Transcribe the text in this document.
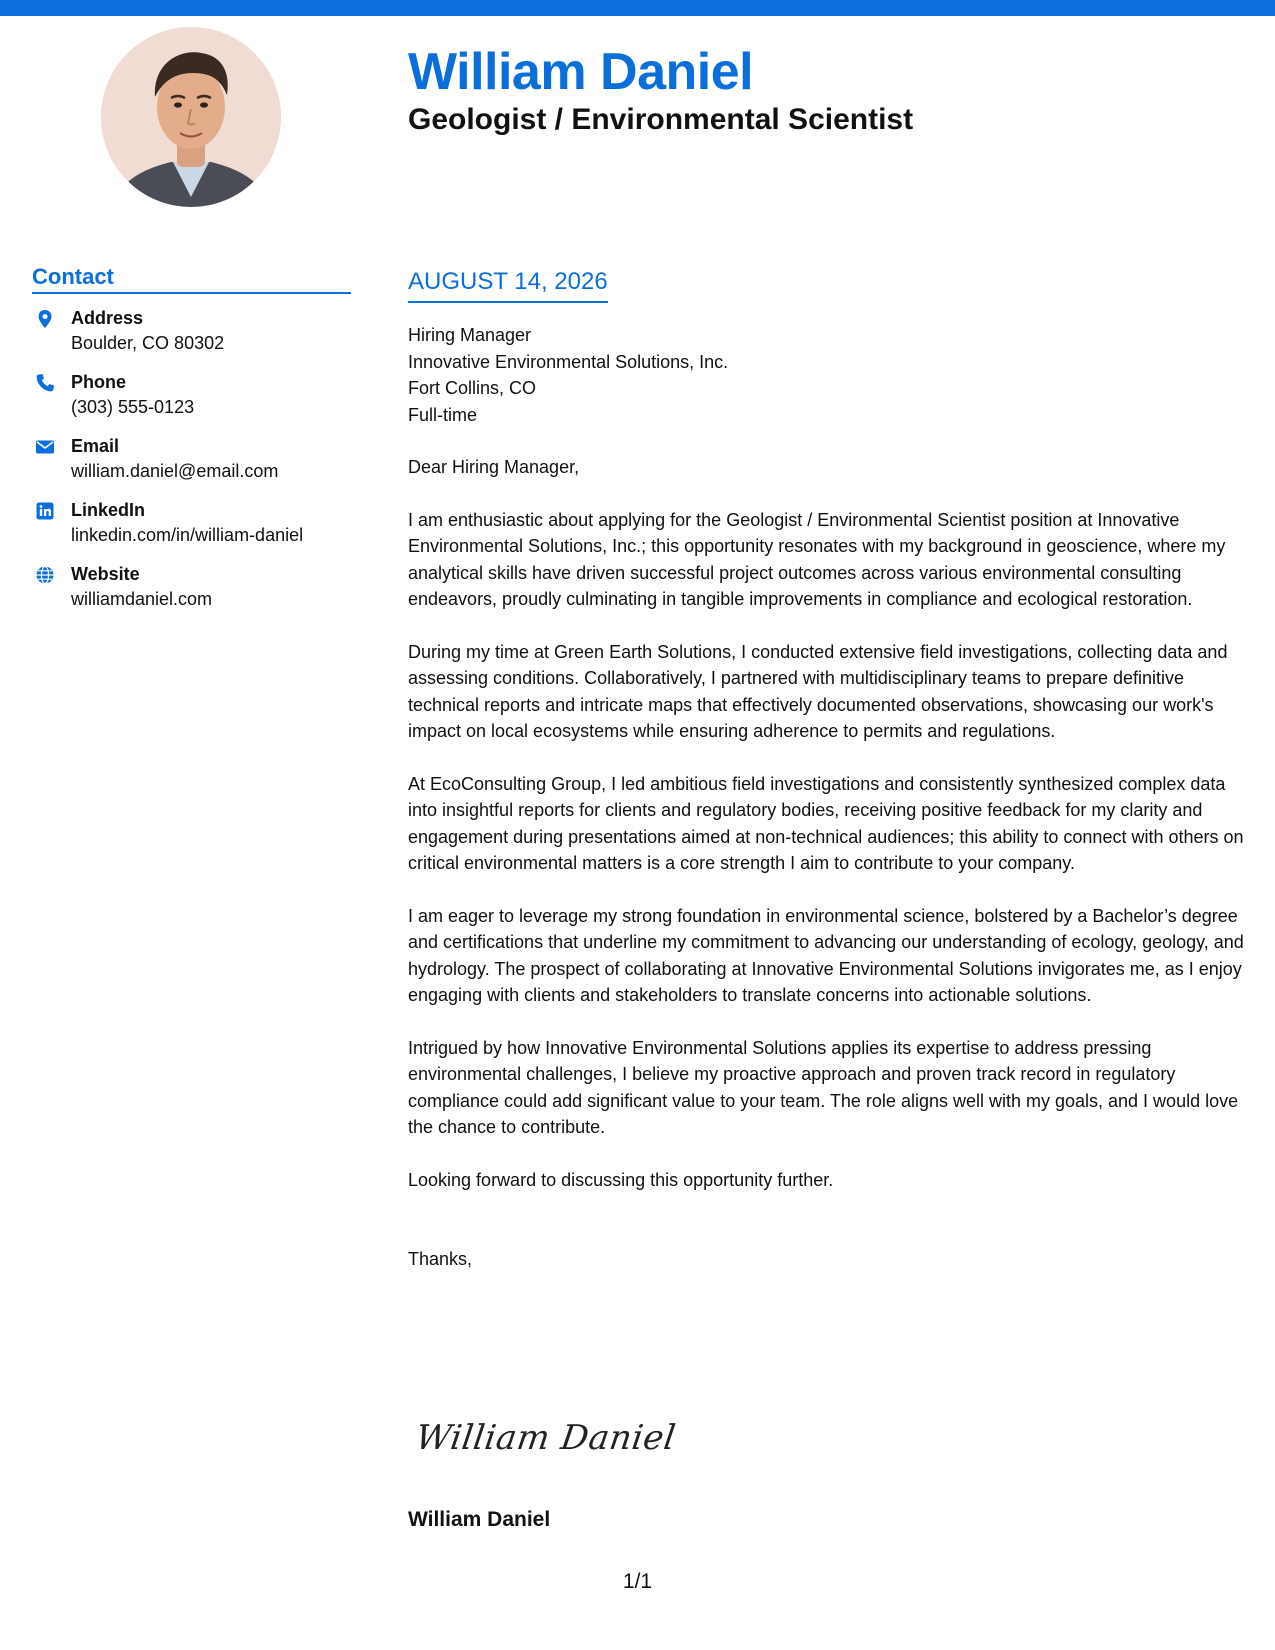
William Daniel
Geologist / Environmental Scientist
Contact
Address
Boulder, CO 80302
Phone
(303) 555-0123
Email
william.daniel@email.com
LinkedIn
linkedin.com/in/william-daniel
Website
williamdaniel.com
AUGUST 14, 2026
Hiring Manager
Innovative Environmental Solutions, Inc.
Fort Collins, CO
Full-time
Dear Hiring Manager,

I am enthusiastic about applying for the Geologist / Environmental Scientist position at Innovative Environmental Solutions, Inc.; this opportunity resonates with my background in geoscience, where my analytical skills have driven successful project outcomes across various environmental consulting endeavors, proudly culminating in tangible improvements in compliance and ecological restoration.

During my time at Green Earth Solutions, I conducted extensive field investigations, collecting data and assessing conditions. Collaboratively, I partnered with multidisciplinary teams to prepare definitive technical reports and intricate maps that effectively documented observations, showcasing our work's impact on local ecosystems while ensuring adherence to permits and regulations.

At EcoConsulting Group, I led ambitious field investigations and consistently synthesized complex data into insightful reports for clients and regulatory bodies, receiving positive feedback for my clarity and engagement during presentations aimed at non-technical audiences; this ability to connect with others on critical environmental matters is a core strength I aim to contribute to your company.

I am eager to leverage my strong foundation in environmental science, bolstered by a Bachelor’s degree and certifications that underline my commitment to advancing our understanding of ecology, geology, and hydrology. The prospect of collaborating at Innovative Environmental Solutions invigorates me, as I enjoy engaging with clients and stakeholders to translate concerns into actionable solutions.

Intrigued by how Innovative Environmental Solutions applies its expertise to address pressing environmental challenges, I believe my proactive approach and proven track record in regulatory compliance could add significant value to your team. The role aligns well with my goals, and I would love the chance to contribute.

Looking forward to discussing this opportunity further.

Thanks,
William Daniel
William Daniel
1/1
